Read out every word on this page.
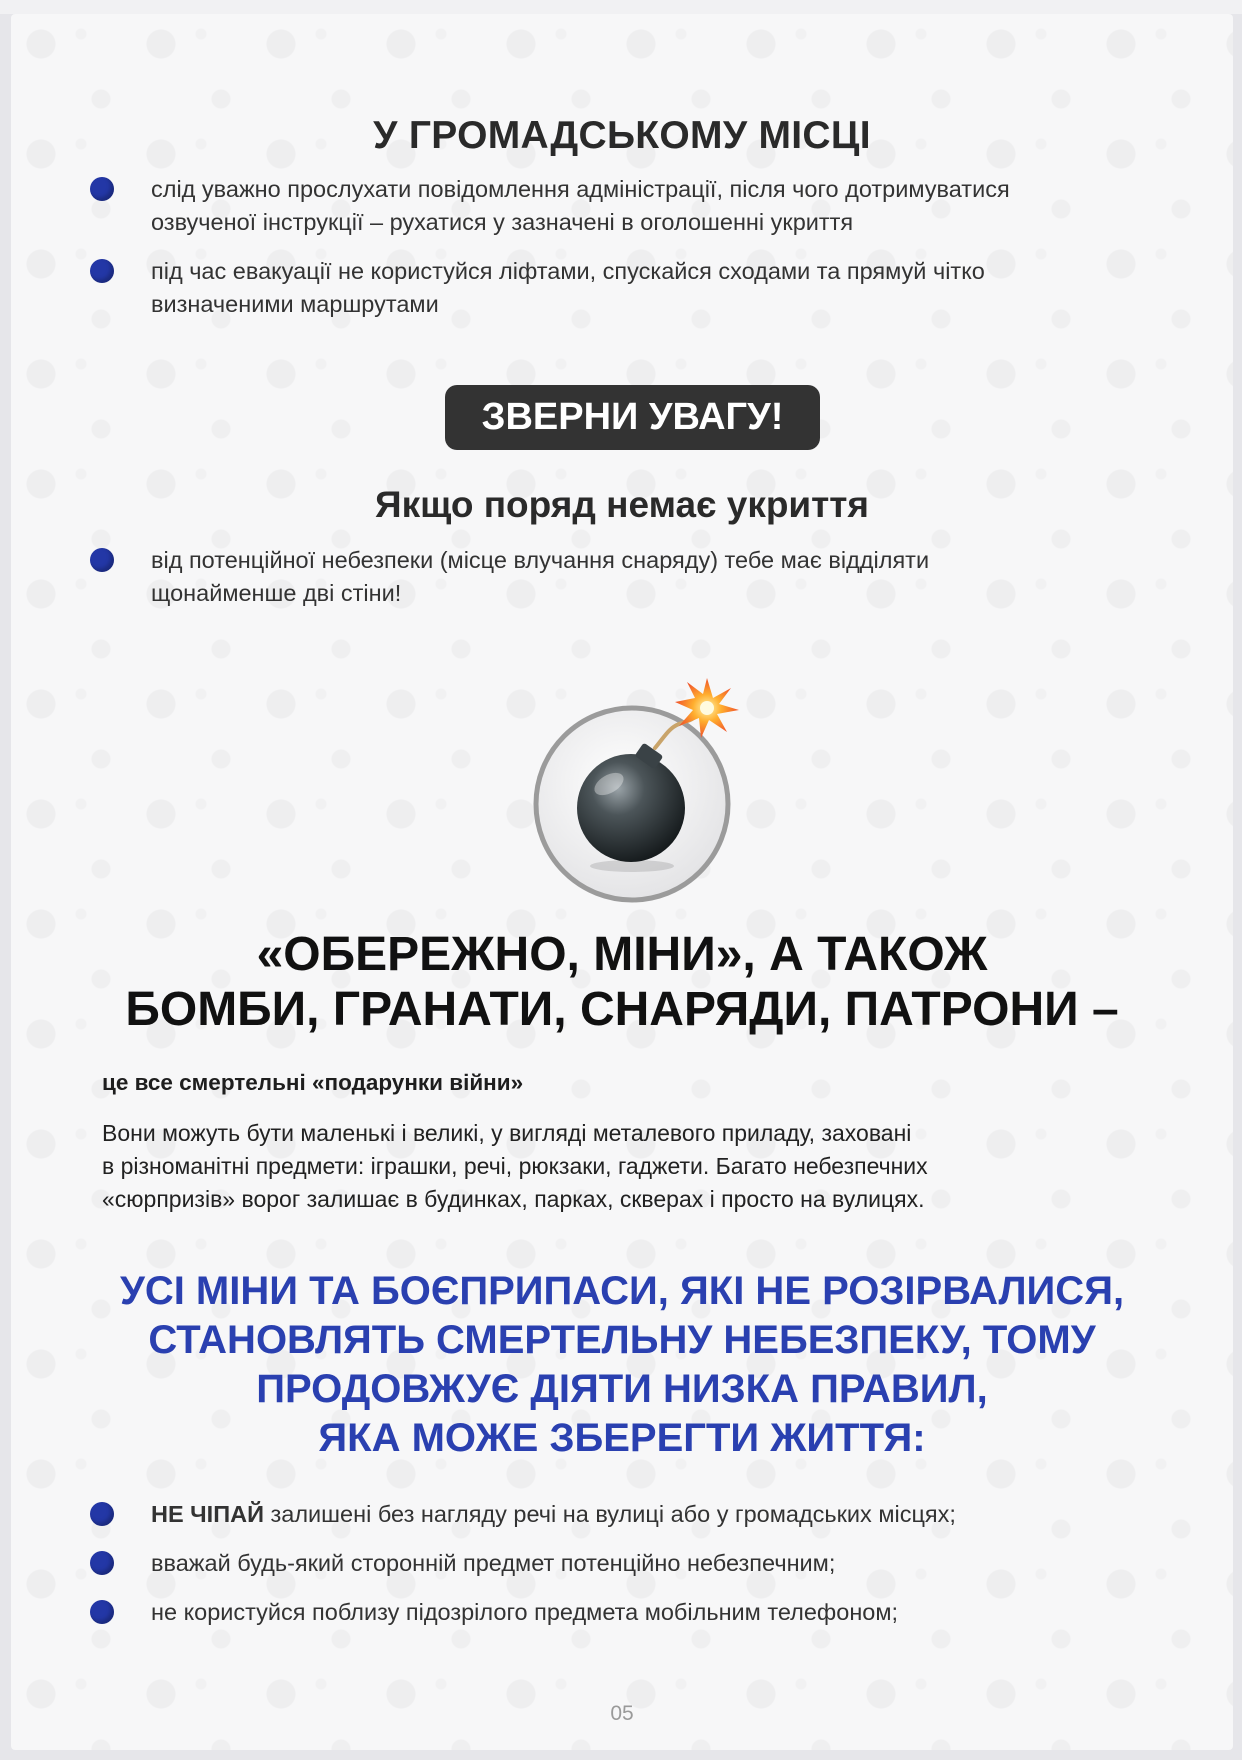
У ГРОМАДСЬКОМУ МІСЦІ
слід уважно прослухати повідомлення адміністрації, після чого дотримуватися
озвученої інструкції – рухатися у зазначені в оголошенні укриття
під час евакуації не користуйся ліфтами, спускайся сходами та прямуй чітко
визначеними маршрутами
ЗВЕРНИ УВАГУ!
Якщо поряд немає укриття
від потенційної небезпеки (місце влучання снаряду) тебе має відділяти
щонайменше дві стіни!
«ОБЕРЕЖНО, МІНИ», А ТАКОЖ
БОМБИ, ГРАНАТИ, СНАРЯДИ, ПАТРОНИ –
це все смертельні «подарунки війни»
Вони можуть бути маленькі і великі, у вигляді металевого приладу, заховані
в різноманітні предмети: іграшки, речі, рюкзаки, гаджети. Багато небезпечних
«сюрпризів» ворог залишає в будинках, парках, скверах і просто на вулицях.
УСІ МІНИ ТА БОЄПРИПАСИ, ЯКІ НЕ РОЗІРВАЛИСЯ,
СТАНОВЛЯТЬ СМЕРТЕЛЬНУ НЕБЕЗПЕКУ, ТОМУ
ПРОДОВЖУЄ ДІЯТИ НИЗКА ПРАВИЛ,
ЯКА МОЖЕ ЗБЕРЕГТИ ЖИТТЯ:
НЕ ЧІПАЙ залишені без нагляду речі на вулиці або у громадських місцях;
вважай будь-який сторонній предмет потенційно небезпечним;
не користуйся поблизу підозрілого предмета мобільним телефоном;
05
